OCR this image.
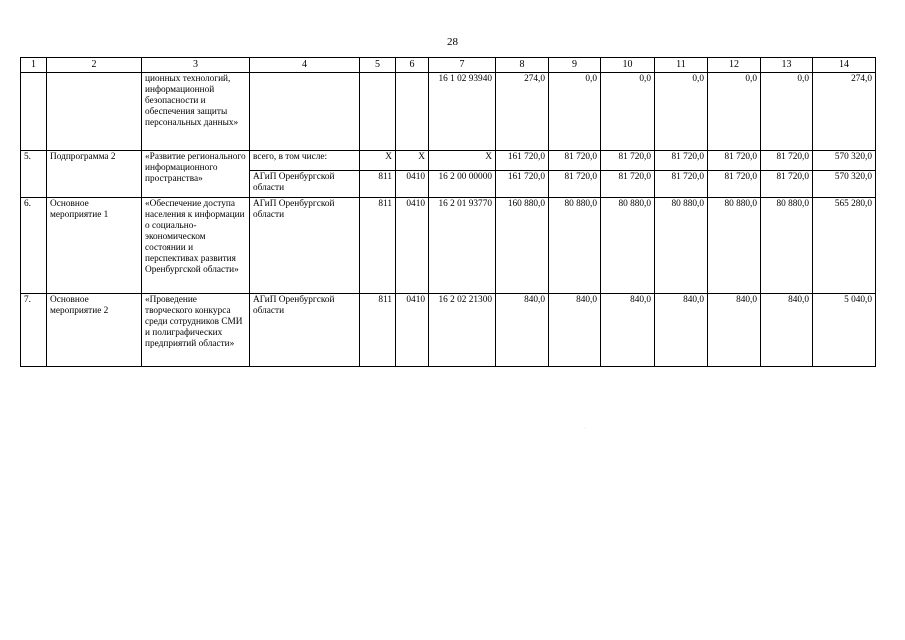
28
1	2	3	4	5	6	7	8	9	10	11	12	13	14
		ционных технологий, информационной безопасности и обеспечения защиты персональных данных»				16 1 02 93940	274,0	0,0	0,0	0,0	0,0	0,0	274,0
5.	Подпрограмма 2	«Развитие регионального информационного пространства»	всего, в том числе:	Х	Х	Х	161 720,0	81 720,0	81 720,0	81 720,0	81 720,0	81 720,0	570 320,0
			АГиП Оренбургской области	811	0410	16 2 00 00000	161 720,0	81 720,0	81 720,0	81 720,0	81 720,0	81 720,0	570 320,0
6.	Основное мероприятие 1	«Обеспечение доступа населения к информации о социально-экономическом состоянии и перспективах развития Оренбургской области»	АГиП Оренбургской области	811	0410	16 2 01 93770	160 880,0	80 880,0	80 880,0	80 880,0	80 880,0	80 880,0	565 280,0
7.	Основное мероприятие 2	«Проведение творческого конкурса среди сотрудников СМИ и полиграфических предприятий области»	АГиП Оренбургской области	811	0410	16 2 02 21300	840,0	840,0	840,0	840,0	840,0	840,0	5 040,0
·
